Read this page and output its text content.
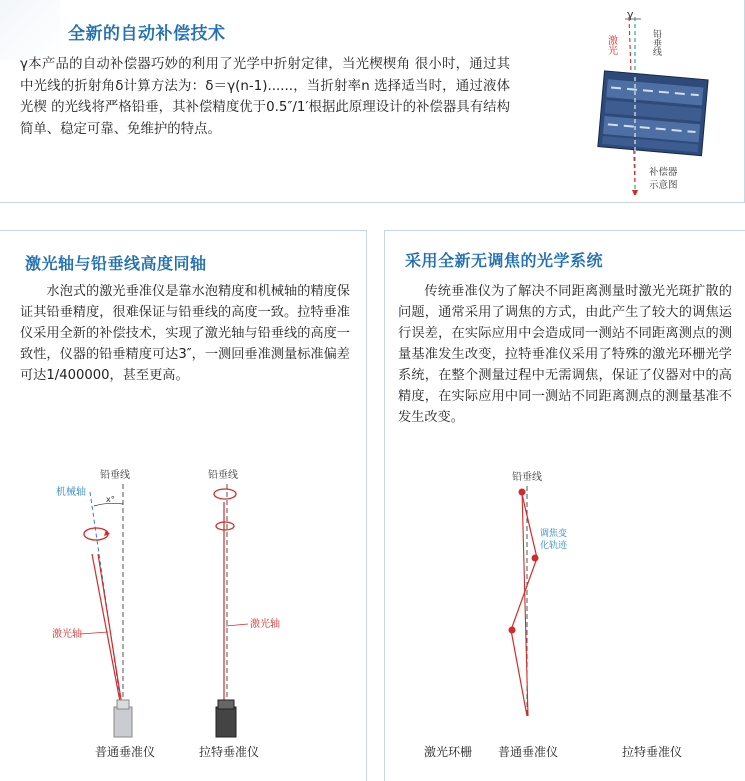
全新的自动补偿技术
γ本产品的自动补偿器巧妙的利用了光学中折射定律，当光楔楔角 很小时，通过其中光线的折射角δ计算方法为：δ＝γ(n-1)......，当折射率n 选择适当时，通过液体光楔 的光线将严格铅垂，其补偿精度优于0.5″/1′根据此原理设计的补偿器具有结构简单、稳定可靠、免维护的特点。
γ
激光	铅垂线
补偿器
示意图
激光轴与铅垂线高度同轴
水泡式的激光垂准仪是靠水泡精度和机械轴的精度保证其铅垂精度，很难保证与铅垂线的高度一致。拉特垂准仪采用全新的补偿技术，实现了激光轴与铅垂线的高度一致性，仪器的铅垂精度可达3″，一测回垂准测量标准偏差可达1/400000，甚至更高。
铅垂线
机械轴
x°
激光轴
铅垂线
激光轴
普通垂准仪	拉特垂准仪
采用全新无调焦的光学系统
传统垂准仪为了解决不同距离测量时激光光斑扩散的问题，通常采用了调焦的方式，由此产生了较大的调焦运行误差，在实际应用中会造成同一测站不同距离测点的测量基准发生改变，拉特垂准仪采用了特殊的激光环栅光学系统，在整个测量过程中无需调焦，保证了仪器对中的高精度，在实际应用中同一测站不同距离测点的测量基准不发生改变。
铅垂线
调焦变
化轨迹
激光环栅 普通垂准仪	拉特垂准仪
